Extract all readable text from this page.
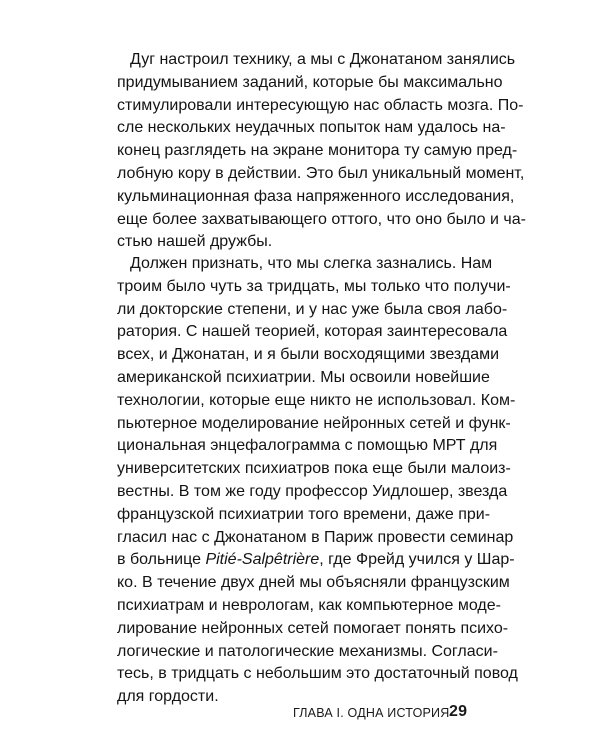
Дуг настроил технику, а мы с Джонатаном занялись
придумыванием заданий, которые бы максимально
стимулировали интересующую нас область мозга. По-
сле нескольких неудачных попыток нам удалось на-
конец разглядеть на экране монитора ту самую пред-
лобную кору в действии. Это был уникальный момент,
кульминационная фаза напряженного исследования,
еще более захватывающего оттого, что оно было и ча-
стью нашей дружбы.
Должен признать, что мы слегка зазнались. Нам
троим было чуть за тридцать, мы только что получи-
ли докторские степени, и у нас уже была своя лабо-
ратория. С нашей теорией, которая заинтересовала
всех, и Джонатан, и я были восходящими звездами
американской психиатрии. Мы освоили новейшие
технологии, которые еще никто не использовал. Ком-
пьютерное моделирование нейронных сетей и функ-
циональная энцефалограмма с помощью МРТ для
университетских психиатров пока еще были малоиз-
вестны. В том же году профессор Уидлошер, звезда
французской психиатрии того времени, даже при-
гласил нас с Джонатаном в Париж провести семинар
в больнице Pitié-Salpêtrière, где Фрейд учился у Шар-
ко. В течение двух дней мы объясняли французским
психиатрам и неврологам, как компьютерное моде-
лирование нейронных сетей помогает понять психо-
логические и патологические механизмы. Согласи-
тесь, в тридцать с небольшим это достаточный повод
для гордости.
ГЛАВА I. ОДНА ИСТОРИЯ 29
